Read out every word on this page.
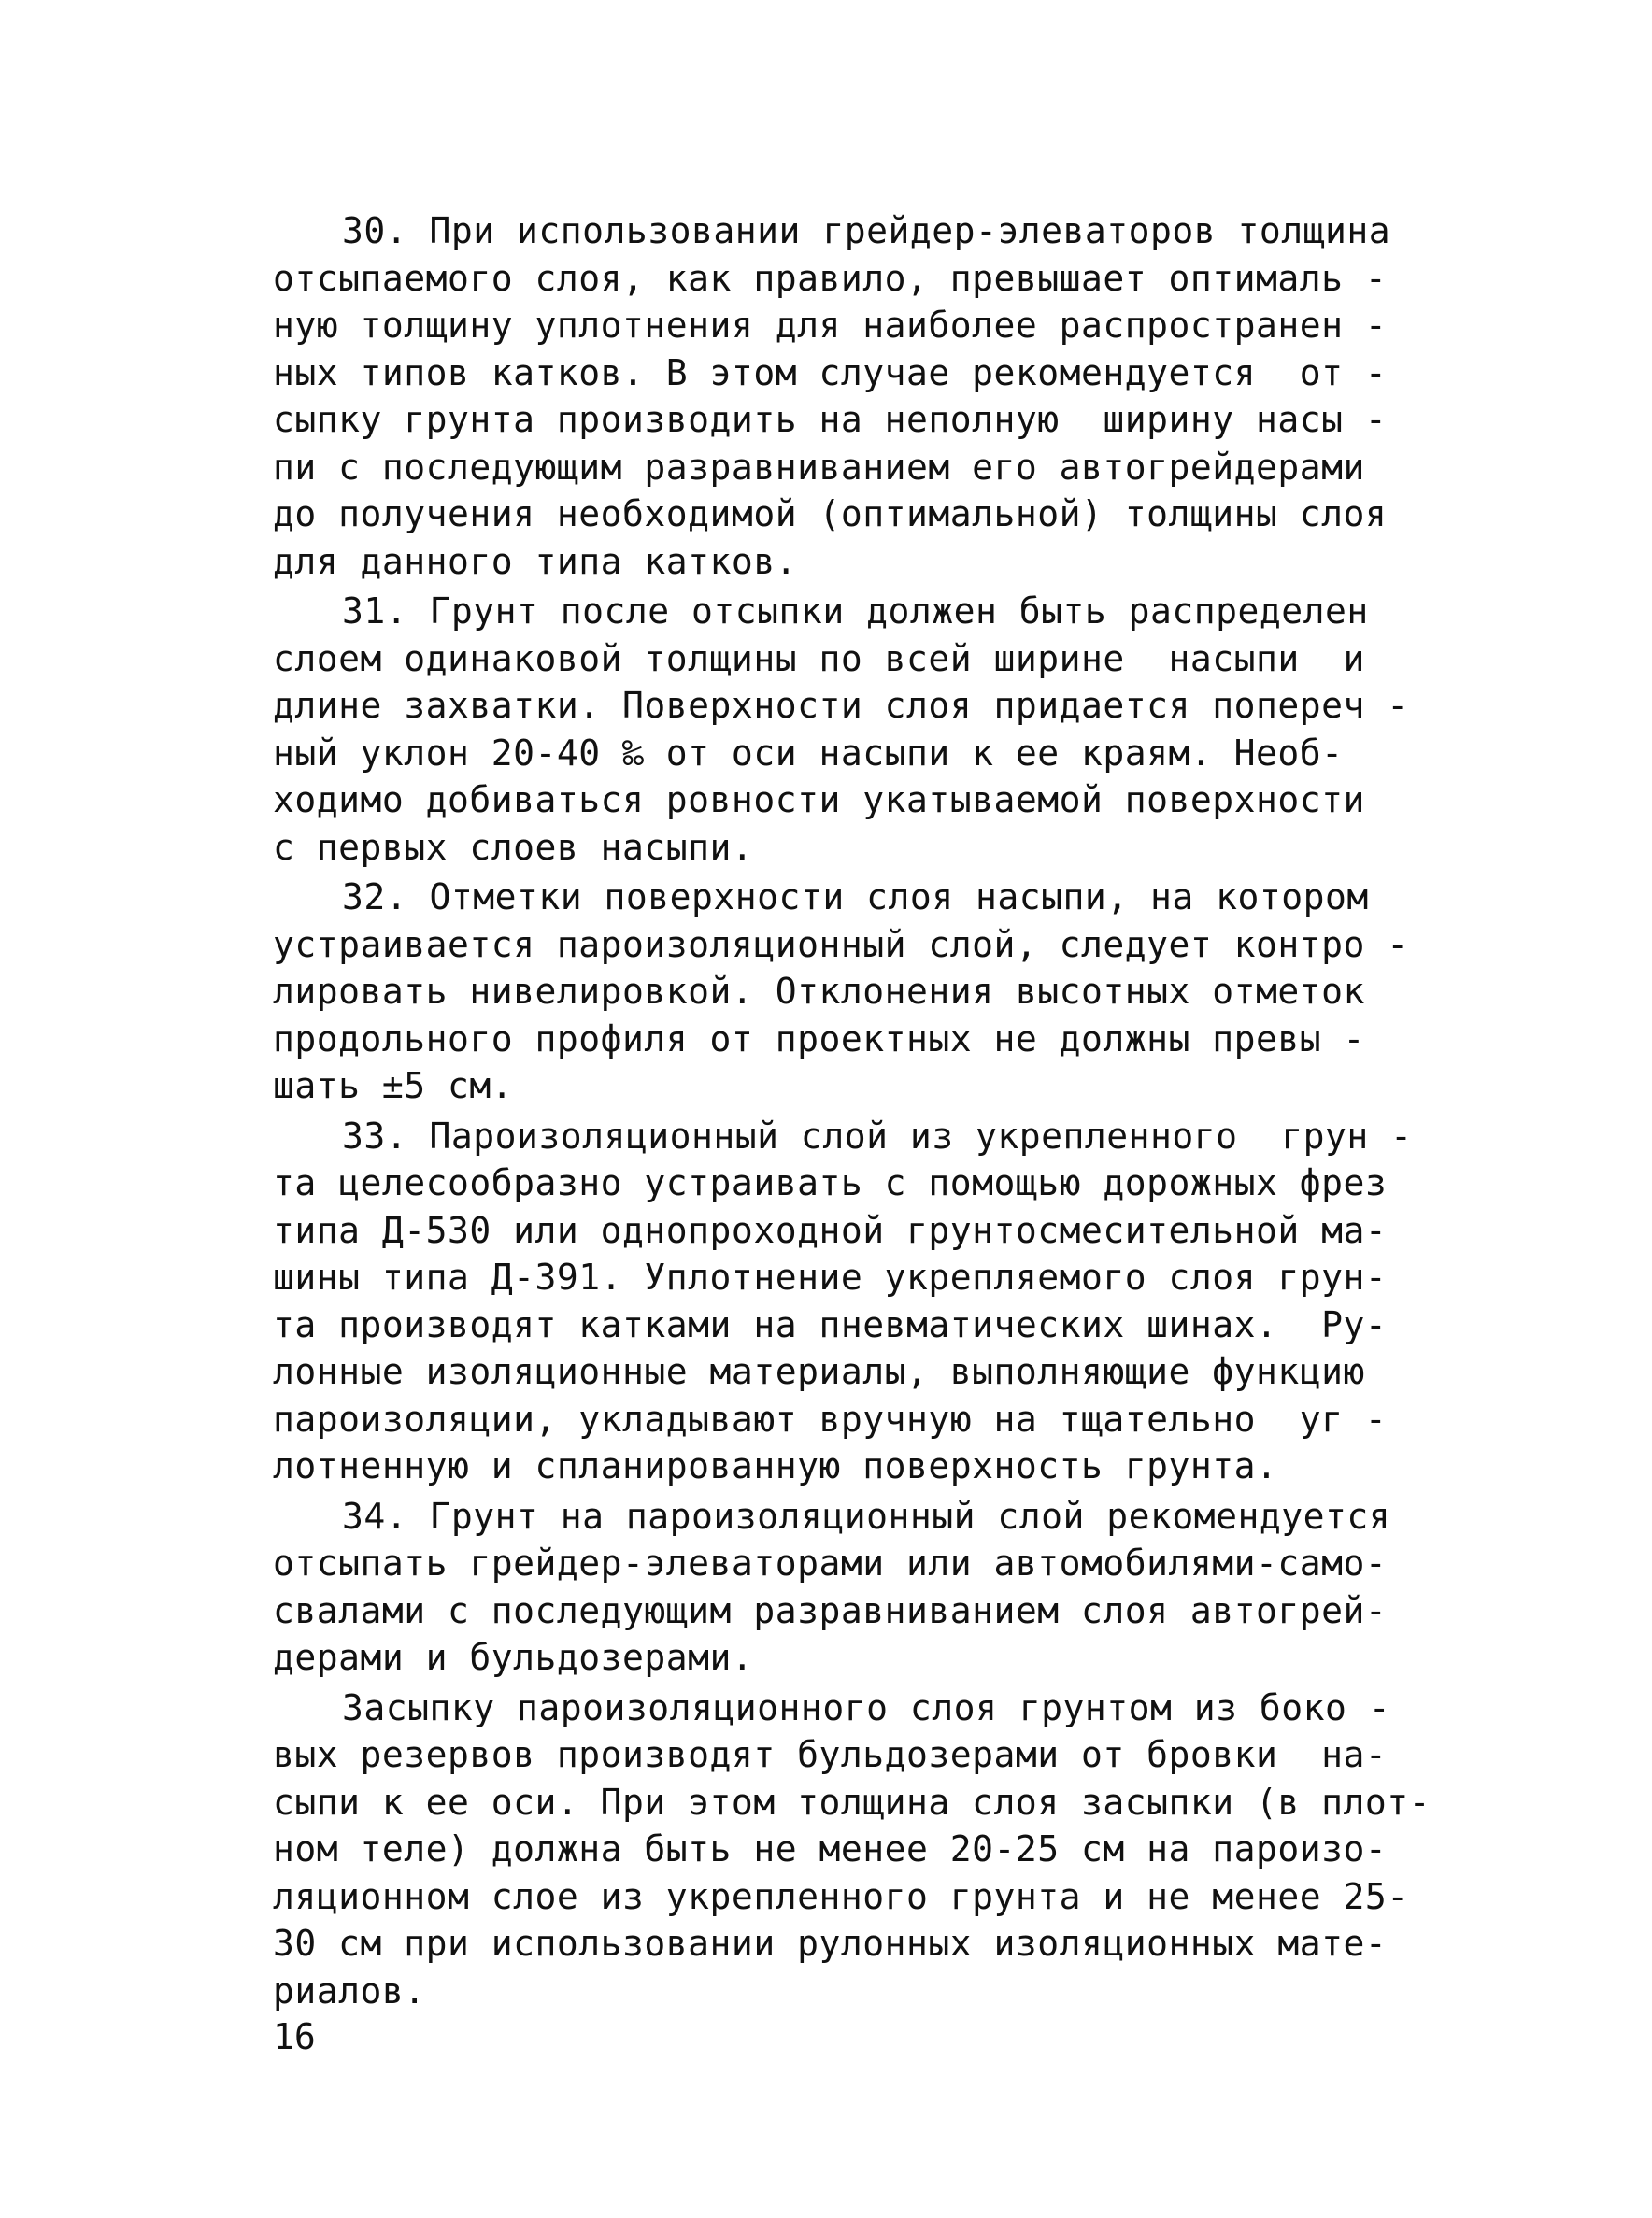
30. При использовании грейдер-элеваторов толщина
отсыпаемого слоя, как правило, превышает оптималь -
ную толщину уплотнения для наиболее распространен -
ных типов катков. В этом случае рекомендуется  от -
сыпку грунта производить на неполную  ширину насы -
пи с последующим разравниванием его автогрейдерами
до получения необходимой (оптимальной) толщины слоя
для данного типа катков.

31. Грунт после отсыпки должен быть распределен
слоем одинаковой толщины по всей ширине  насыпи  и
длине захватки. Поверхности слоя придается попереч -
ный уклон 20-40 ‰ от оси насыпи к ее краям. Необ-
ходимо добиваться ровности укатываемой поверхности
с первых слоев насыпи.

32. Отметки поверхности слоя насыпи, на котором
устраивается пароизоляционный слой, следует контро -
лировать нивелировкой. Отклонения высотных отметок
продольного профиля от проектных не должны превы -
шать ±5 см.

33. Пароизоляционный слой из укрепленного  грун -
та целесообразно устраивать с помощью дорожных фрез
типа Д-530 или однопроходной грунтосмесительной ма-
шины типа Д-391. Уплотнение укрепляемого слоя грун-
та производят катками на пневматических шинах.  Ру-
лонные изоляционные материалы, выполняющие функцию
пароизоляции, укладывают вручную на тщательно  уг -
лотненную и спланированную поверхность грунта.

34. Грунт на пароизоляционный слой рекомендуется
отсыпать грейдер-элеваторами или автомобилями-само-
свалами с последующим разравниванием слоя автогрей-
дерами и бульдозерами.

Засыпку пароизоляционного слоя грунтом из боко -
вых резервов производят бульдозерами от бровки  на-
сыпи к ее оси. При этом толщина слоя засыпки (в плот-
ном теле) должна быть не менее 20-25 см на пароизо-
ляционном слое из укрепленного грунта и не менее 25-
30 см при использовании рулонных изоляционных мате-
риалов.

16
